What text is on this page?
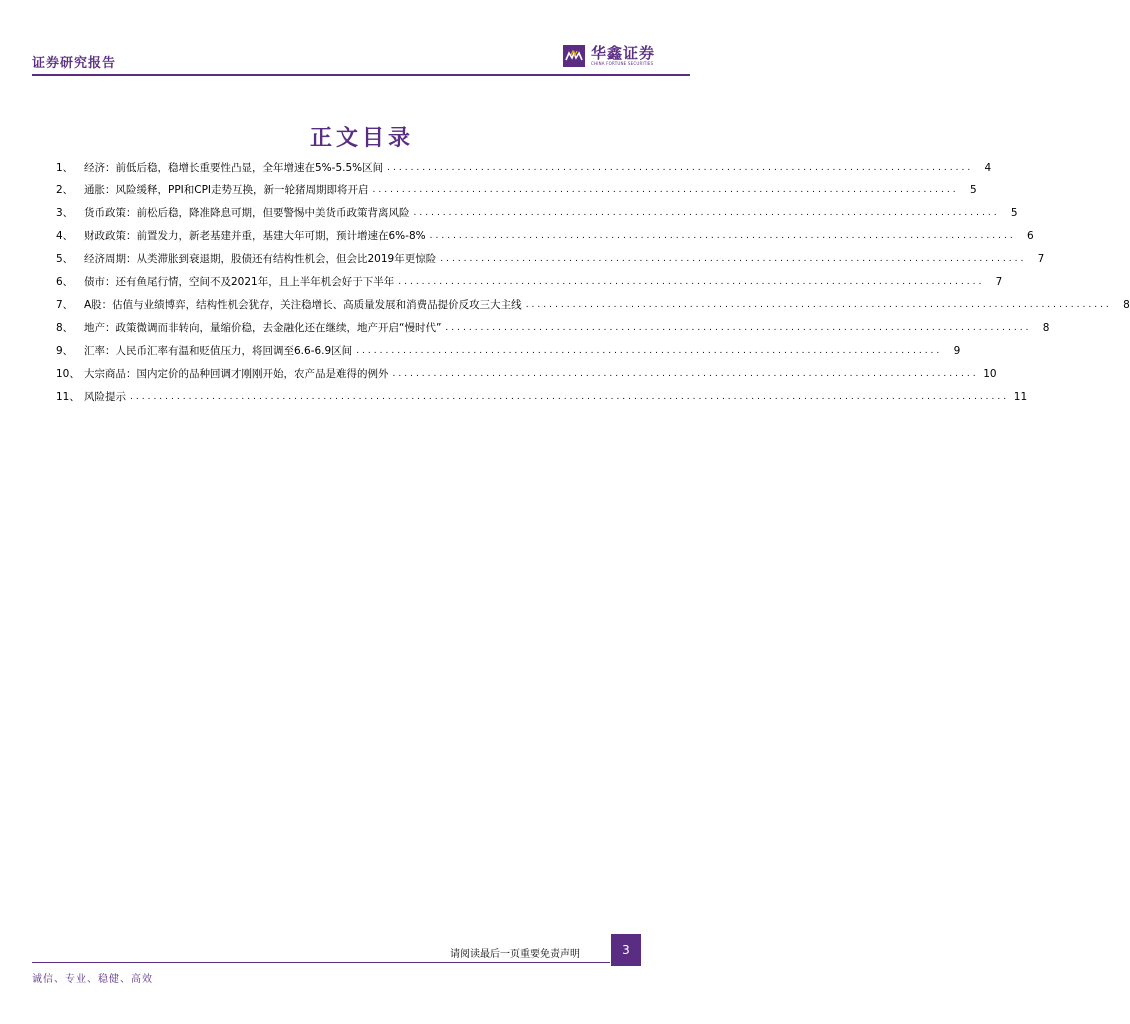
证券研究报告
华鑫证券
CHINA FORTUNE SECURITIES
正文目录
1、	经济：前低后稳，稳增长重要性凸显，全年增速在5%-5.5%区间 ....................................................................................................	4
2、	通胀：风险缓释，PPI和CPI走势互换，新一轮猪周期即将开启 ....................................................................................................	5
3、	货币政策：前松后稳，降准降息可期，但要警惕中美货币政策背离风险 ....................................................................................................	5
4、	财政政策：前置发力，新老基建并重，基建大年可期，预计增速在6%-8% ....................................................................................................	6
5、	经济周期：从类滞胀到衰退期，股债还有结构性机会，但会比2019年更惊险 ....................................................................................................	7
6、	债市：还有鱼尾行情，空间不及2021年，且上半年机会好于下半年 ....................................................................................................	7
7、	A股：估值与业绩博弈，结构性机会犹存，关注稳增长、高质量发展和消费品提价反攻三大主线 ....................................................................................................	8
8、	地产：政策微调而非转向，量缩价稳，去金融化还在继续，地产开启“慢时代” ....................................................................................................	8
9、	汇率：人民币汇率有温和贬值压力，将回调至6.6-6.9区间 ....................................................................................................	9
10、 大宗商品：国内定价的品种回调才刚刚开始，农产品是难得的例外 .................................................................................................... 10
11、 风险提示 ...................................................................................................................................................... 11
请阅读最后一页重要免责声明	3
诚信、专业、稳健、高效
